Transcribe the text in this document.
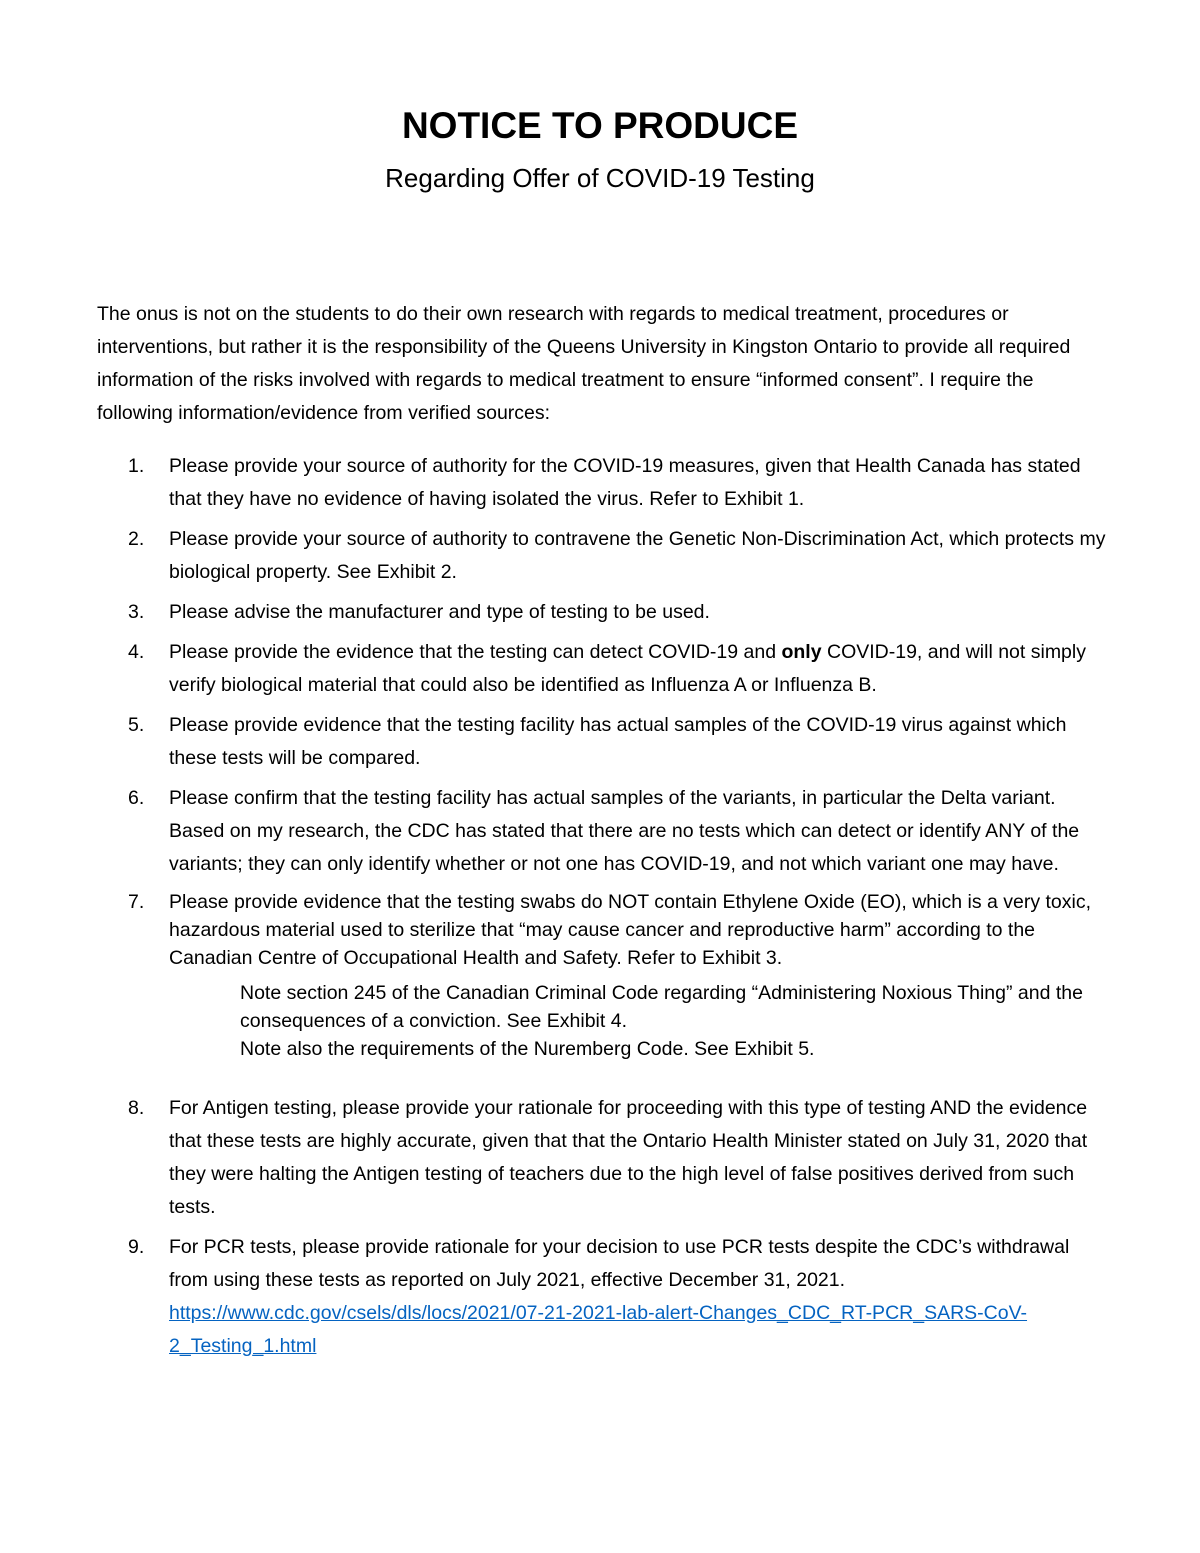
NOTICE TO PRODUCE
Regarding Offer of COVID-19 Testing

The onus is not on the students to do their own research with regards to medical treatment, procedures or interventions, but rather it is the responsibility of the Queens University in Kingston Ontario to provide all required information of the risks involved with regards to medical treatment to ensure “informed consent”. I require the following information/evidence from verified sources:

1.	Please provide your source of authority for the COVID-19 measures, given that Health Canada has stated that they have no evidence of having isolated the virus. Refer to Exhibit 1.
2.	Please provide your source of authority to contravene the Genetic Non-Discrimination Act, which protects my biological property. See Exhibit 2.
3.	Please advise the manufacturer and type of testing to be used.
4.	Please provide the evidence that the testing can detect COVID-19 and only COVID-19, and will not simply verify biological material that could also be identified as Influenza A or Influenza B.
5.	Please provide evidence that the testing facility has actual samples of the COVID-19 virus against which these tests will be compared.
6.	Please confirm that the testing facility has actual samples of the variants, in particular the Delta variant. Based on my research, the CDC has stated that there are no tests which can detect or identify ANY of the variants; they can only identify whether or not one has COVID-19, and not which variant one may have.
7.	Please provide evidence that the testing swabs do NOT contain Ethylene Oxide (EO), which is a very toxic, hazardous material used to sterilize that “may cause cancer and reproductive harm” according to the Canadian Centre of Occupational Health and Safety. Refer to Exhibit 3.
Note section 245 of the Canadian Criminal Code regarding “Administering Noxious Thing” and the consequences of a conviction. See Exhibit 4.
Note also the requirements of the Nuremberg Code. See Exhibit 5.
8.	For Antigen testing, please provide your rationale for proceeding with this type of testing AND the evidence that these tests are highly accurate, given that that the Ontario Health Minister stated on July 31, 2020 that they were halting the Antigen testing of teachers due to the high level of false positives derived from such tests.
9.	For PCR tests, please provide rationale for your decision to use PCR tests despite the CDC’s withdrawal from using these tests as reported on July 2021, effective December 31, 2021.
https://www.cdc.gov/csels/dls/locs/2021/07-21-2021-lab-alert-Changes_CDC_RT-PCR_SARS-CoV-2_Testing_1.html
